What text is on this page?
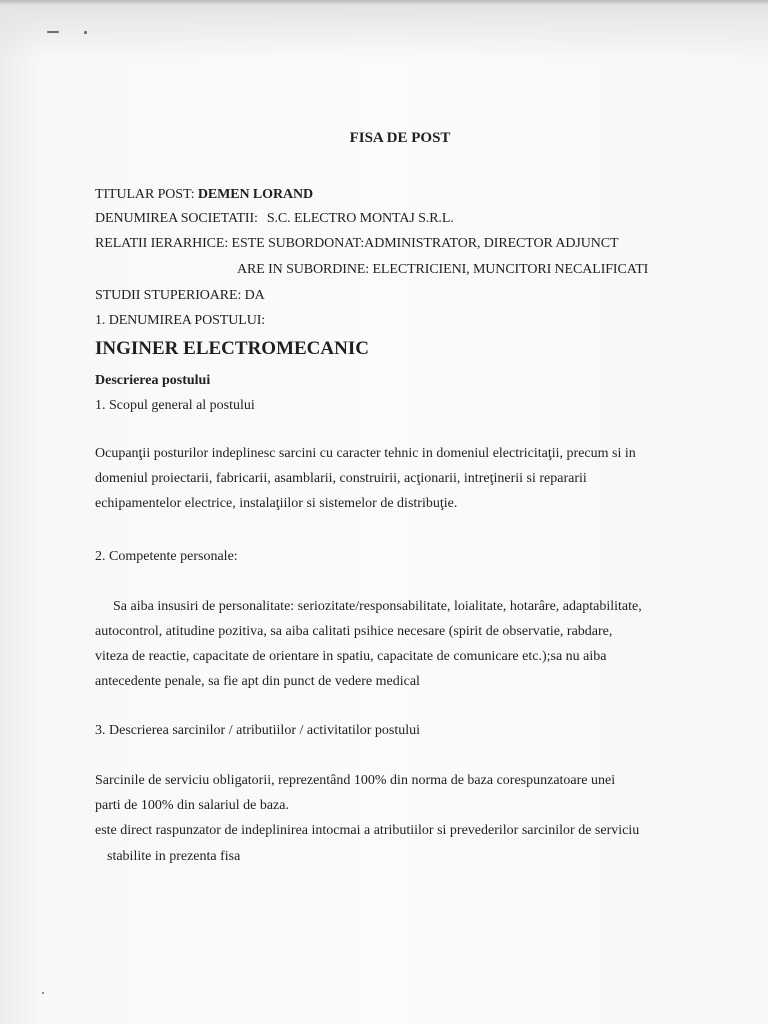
FISA DE POST
TITULAR POST: DEMEN LORAND
DENUMIREA SOCIETATII: S.C. ELECTRO MONTAJ S.R.L.
RELATII IERARHICE: ESTE SUBORDONAT:ADMINISTRATOR, DIRECTOR ADJUNCT
ARE IN SUBORDINE: ELECTRICIENI, MUNCITORI NECALIFICATI
STUDII STUPERIOARE: DA
1. DENUMIREA POSTULUI:
INGINER ELECTROMECANIC
Descrierea postului
1. Scopul general al postului
Ocupanţii posturilor indeplinesc sarcini cu caracter tehnic in domeniul electricitaţii, precum si in
domeniul proiectarii, fabricarii, asamblarii, construirii, acţionarii, intreţinerii si repararii
echipamentelor electrice, instalaţiilor si sistemelor de distribuţie.
2. Competente personale:
Sa aiba insusiri de personalitate: seriozitate/responsabilitate, loialitate, hotarâre, adaptabilitate,
autocontrol, atitudine pozitiva, sa aiba calitati psihice necesare (spirit de observatie, rabdare,
viteza de reactie, capacitate de orientare in spatiu, capacitate de comunicare etc.);sa nu aiba
antecedente penale, sa fie apt din punct de vedere medical
3. Descrierea sarcinilor / atributiilor / activitatilor postului
Sarcinile de serviciu obligatorii, reprezentând 100% din norma de baza corespunzatoare unei
parti de 100% din salariul de baza.
este direct raspunzator de indeplinirea intocmai a atributiilor si prevederilor sarcinilor de serviciu
stabilite in prezenta fisa
